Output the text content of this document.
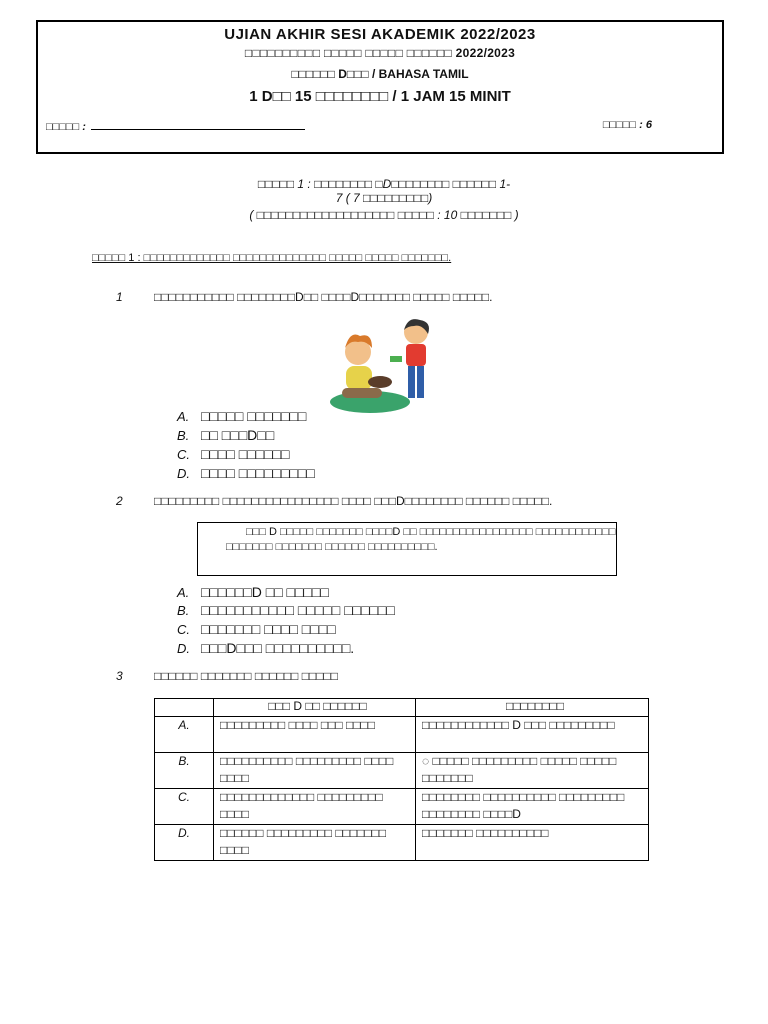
UJIAN AKHIR SESI AKADEMIK 2022/2023
□□□□□□□□□□ □□□□□ □□□□□ □□□□□□ 2022/2023
□□□□□□ D□□□ / BAHASA TAMIL
1 D□□ 15 □□□□□□□□ / 1 JAM 15 MINIT
□□□□□ :	□□□□□ : 6
□□□□□ 1 : □□□□□□□□ □D□□□□□□□□ □□□□□□ 1-
7 ( 7 □□□□□□□□□)
( □□□□□□□□□□□□□□□□□□□ □□□□□ : 10 □□□□□□□ )
□□□□□ 1 : □□□□□□□□□□□□□ □□□□□□□□□□□□□□ □□□□□ □□□□□ □□□□□□□.
1	□□□□□□□□□□□ □□□□□□□□D□□ □□□□D□□□□□□□ □□□□□ □□□□□.
A. □□□□□ □□□□□□□
B. □□ □□□D□□
C. □□□□ □□□□□□
D. □□□□ □□□□□□□□□
2	□□□□□□□□□ □□□□□□□□□□□□□□□□ □□□□ □□□D□□□□□□□□ □□□□□□ □□□□□.
□□□ D □□□□□ □□□□□□□ □□□□D □□ □□□□□□□□□□□□□□□□□ □□□□□□□□□□□□
□□□□□□□ □□□□□□□ □□□□□□ □□□□□□□□□□.
A. □□□□□□D □□ □□□□□
B. □□□□□□□□□□□ □□□□□ □□□□□□
C. □□□□□□□ □□□□ □□□□
D. □□□D□□□ □□□□□□□□□□.
3	□□□□□□ □□□□□□□ □□□□□□ □□□□□
	□□□ D □□ □□□□□□	□□□□□□□□
A.	□□□□□□□□□ □□□□ □□□ □□□□	□□□□□□□□□□□□ D □□□ □□□□□□□□□
B.	□□□□□□□□□□ □□□□□□□□□ □□□□ □□□□	◌ □□□□□ □□□□□□□□□ □□□□□ □□□□□ □□□□□□□
C.	□□□□□□□□□□□□□ □□□□□□□□□ □□□□	□□□□□□□□ □□□□□□□□□□ □□□□□□□□□ □□□□□□□□ □□□□D
D.	□□□□□□ □□□□□□□□□ □□□□□□□ □□□□	□□□□□□□ □□□□□□□□□□
